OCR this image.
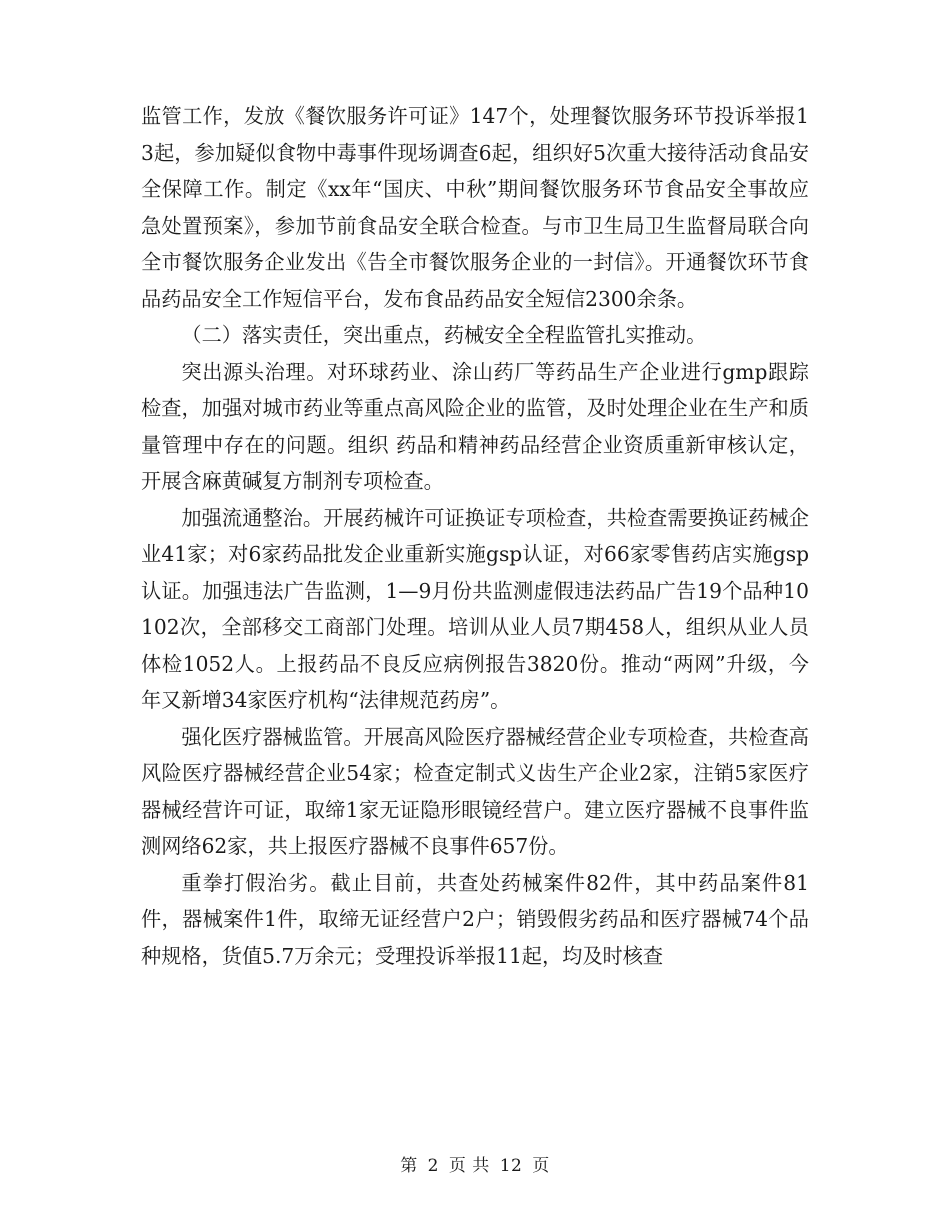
监管工作，发放《餐饮服务许可证》147个，处理餐饮服务环节投诉举报13起，参加疑似食物中毒事件现场调查6起，组织好5次重大接待活动食品安全保障工作。制定《xx年“国庆、中秋”期间餐饮服务环节食品安全事故应急处置预案》，参加节前食品安全联合检查。与市卫生局卫生监督局联合向全市餐饮服务企业发出《告全市餐饮服务企业的一封信》。开通餐饮环节食品药品安全工作短信平台，发布食品药品安全短信2300余条。

（二）落实责任，突出重点，药械安全全程监管扎实推动。

突出源头治理。对环球药业、涂山药厂等药品生产企业进行gmp跟踪检查，加强对城市药业等重点高风险企业的监管，及时处理企业在生产和质量管理中存在的问题。组织 药品和精神药品经营企业资质重新审核认定，开展含麻黄碱复方制剂专项检查。

加强流通整治。开展药械许可证换证专项检查，共检查需要换证药械企业41家；对6家药品批发企业重新实施gsp认证，对66家零售药店实施gsp认证。加强违法广告监测，1—9月份共监测虚假违法药品广告19个品种10102次，全部移交工商部门处理。培训从业人员7期458人，组织从业人员体检1052人。上报药品不良反应病例报告3820份。推动“两网”升级，今年又新增34家医疗机构“法律规范药房”。

强化医疗器械监管。开展高风险医疗器械经营企业专项检查，共检查高风险医疗器械经营企业54家；检查定制式义齿生产企业2家，注销5家医疗器械经营许可证，取缔1家无证隐形眼镜经营户。建立医疗器械不良事件监测网络62家，共上报医疗器械不良事件657份。

重拳打假治劣。截止目前，共查处药械案件82件，其中药品案件81件，器械案件1件，取缔无证经营户2户；销毁假劣药品和医疗器械74个品种规格，货值5.7万余元；受理投诉举报11起，均及时核查

第 2 页 共 12 页
